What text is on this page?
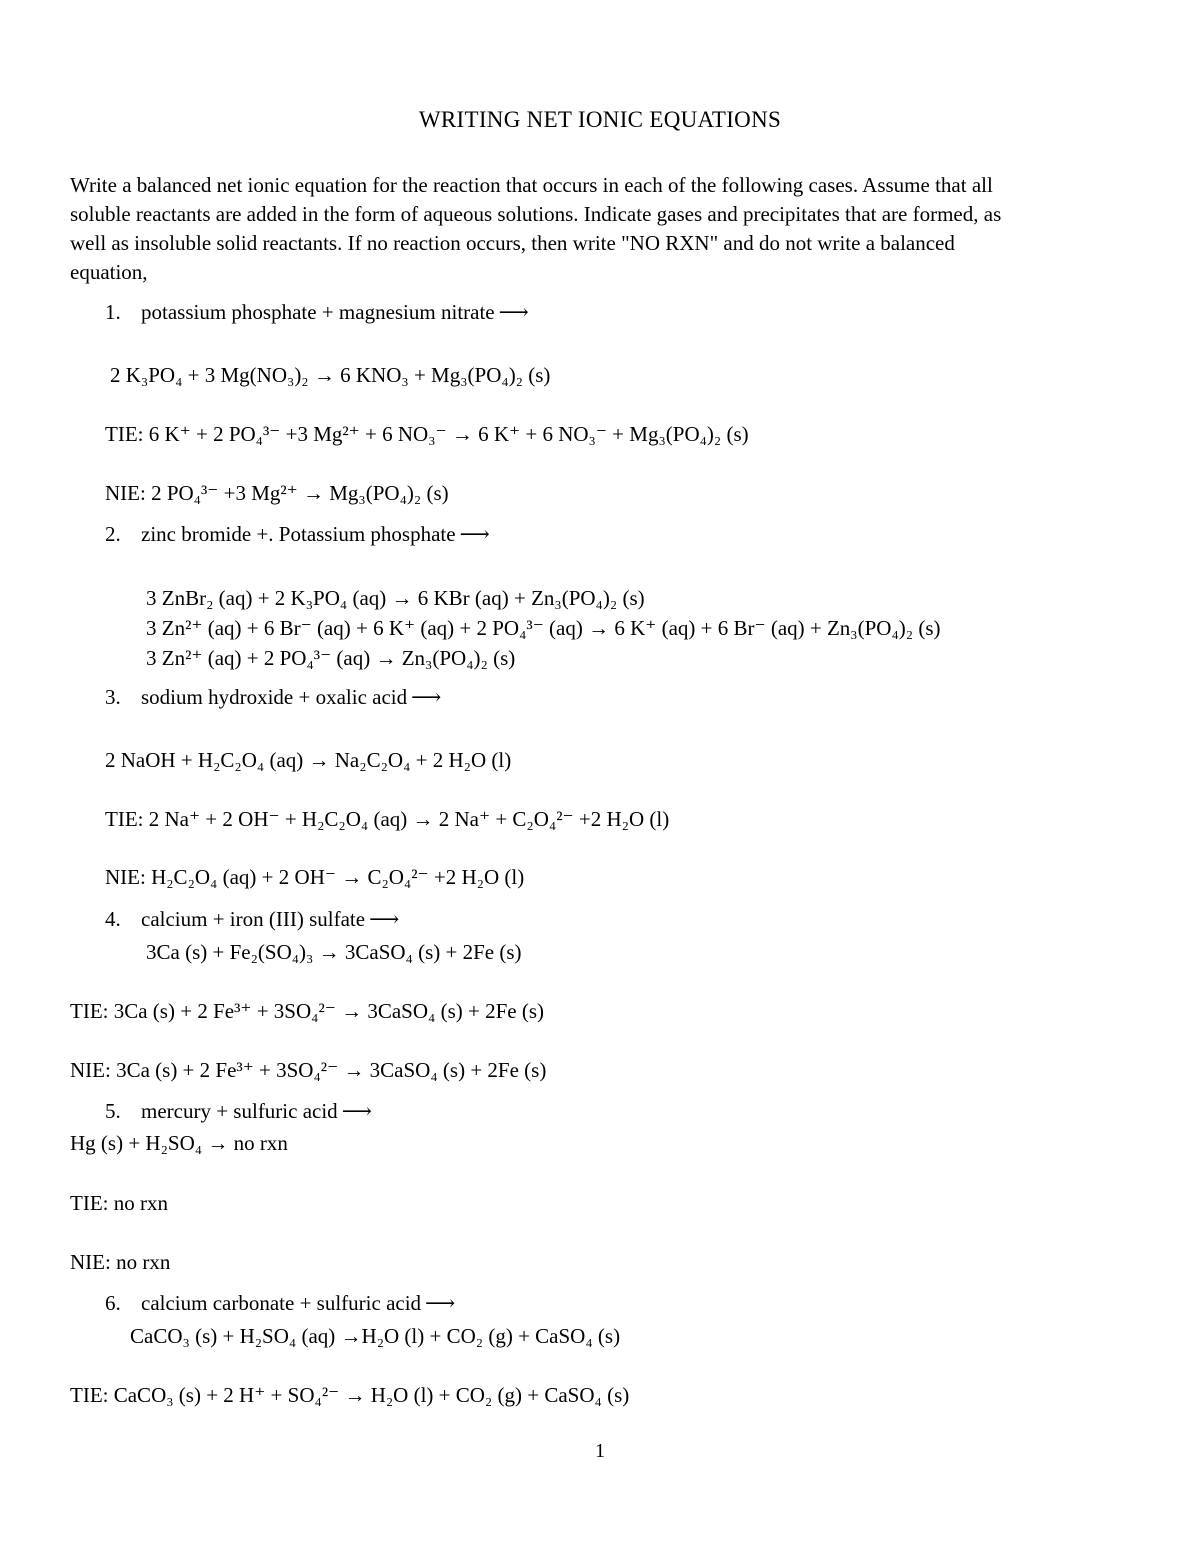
WRITING NET IONIC EQUATIONS
Write a balanced net ionic equation for the reaction that occurs in each of the following cases. Assume that all
soluble reactants are added in the form of aqueous solutions. Indicate gases and precipitates that are formed, as
well as insoluble solid reactants. If no reaction occurs, then write "NO RXN" and do not write a balanced
equation,
1. potassium phosphate + magnesium nitrate ⟶
2 K₃PO₄ + 3 Mg(NO₃)₂ → 6 KNO₃ + Mg₃(PO₄)₂ (s)
TIE: 6 K⁺ + 2 PO₄³⁻ +3 Mg²⁺ + 6 NO₃⁻ → 6 K⁺ + 6 NO₃⁻ + Mg₃(PO₄)₂ (s)
NIE: 2 PO₄³⁻ +3 Mg²⁺ → Mg₃(PO₄)₂ (s)
2. zinc bromide +. Potassium phosphate ⟶
3 ZnBr₂ (aq) + 2 K₃PO₄ (aq) → 6 KBr (aq) + Zn₃(PO₄)₂ (s)
3 Zn²⁺ (aq) + 6 Br⁻ (aq) + 6 K⁺ (aq) + 2 PO₄³⁻ (aq) → 6 K⁺ (aq) + 6 Br⁻ (aq) + Zn₃(PO₄)₂ (s)
3 Zn²⁺ (aq) + 2 PO₄³⁻ (aq) → Zn₃(PO₄)₂ (s)
3. sodium hydroxide + oxalic acid ⟶
2 NaOH + H₂C₂O₄ (aq) → Na₂C₂O₄ + 2 H₂O (l)
TIE: 2 Na⁺ + 2 OH⁻ + H₂C₂O₄ (aq) → 2 Na⁺ + C₂O₄²⁻ +2 H₂O (l)
NIE: H₂C₂O₄ (aq) + 2 OH⁻ → C₂O₄²⁻ +2 H₂O (l)
4. calcium + iron (III) sulfate ⟶
3Ca (s) + Fe₂(SO₄)₃ → 3CaSO₄ (s) + 2Fe (s)
TIE: 3Ca (s) + 2 Fe³⁺ + 3SO₄²⁻ → 3CaSO₄ (s) + 2Fe (s)
NIE: 3Ca (s) + 2 Fe³⁺ + 3SO₄²⁻ → 3CaSO₄ (s) + 2Fe (s)
5. mercury + sulfuric acid ⟶
Hg (s) + H₂SO₄ → no rxn
TIE: no rxn
NIE: no rxn
6. calcium carbonate + sulfuric acid ⟶
CaCO₃ (s) + H₂SO₄ (aq) →H₂O (l) + CO₂ (g) + CaSO₄ (s)
TIE: CaCO₃ (s) + 2 H⁺ + SO₄²⁻ → H₂O (l) + CO₂ (g) + CaSO₄ (s)
1
